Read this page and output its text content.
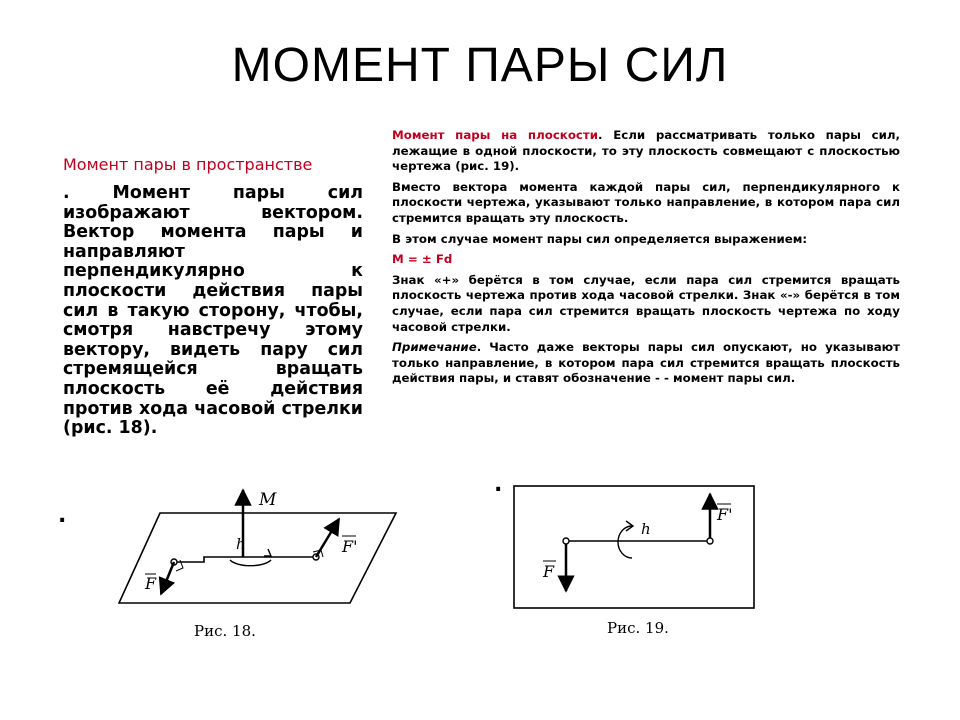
МОМЕНТ ПАРЫ СИЛ
Момент пары в пространстве
. Момент пары сил изображают вектором. Вектор момента пары и направляют перпендикулярно к плоскости действия пары сил в такую сторону, чтобы, смотря навстречу этому вектору, видеть пару сил стремящейся вращать плоскость её действия против хода часовой стрелки (рис. 18).

Момент пары на плоскости. Если рассматривать только пары сил, лежащие в одной плоскости, то эту плоскость совмещают с плоскостью чертежа (рис. 19).

Вместо вектора момента каждой пары сил, перпендикулярного к плоскости чертежа, указывают только направление, в котором пара сил стремится вращать эту плоскость.

В этом случае момент пары сил определяется выражением:

M = ± Fd

Знак «+» берётся в том случае, если пара сил стремится вращать плоскость чертежа против хода часовой стрелки. Знак «-» берётся в том случае, если пара сил стремится вращать плоскость чертежа по ходу часовой стрелки.

Примечание. Часто даже векторы пары сил опускают, но указывают только направление, в котором пара сил стремится вращать плоскость действия пары, и ставят обозначение - - момент пары сил.

.
.
M
h
F
F'
Рис. 18.
h
F
F'
Рис. 19.
